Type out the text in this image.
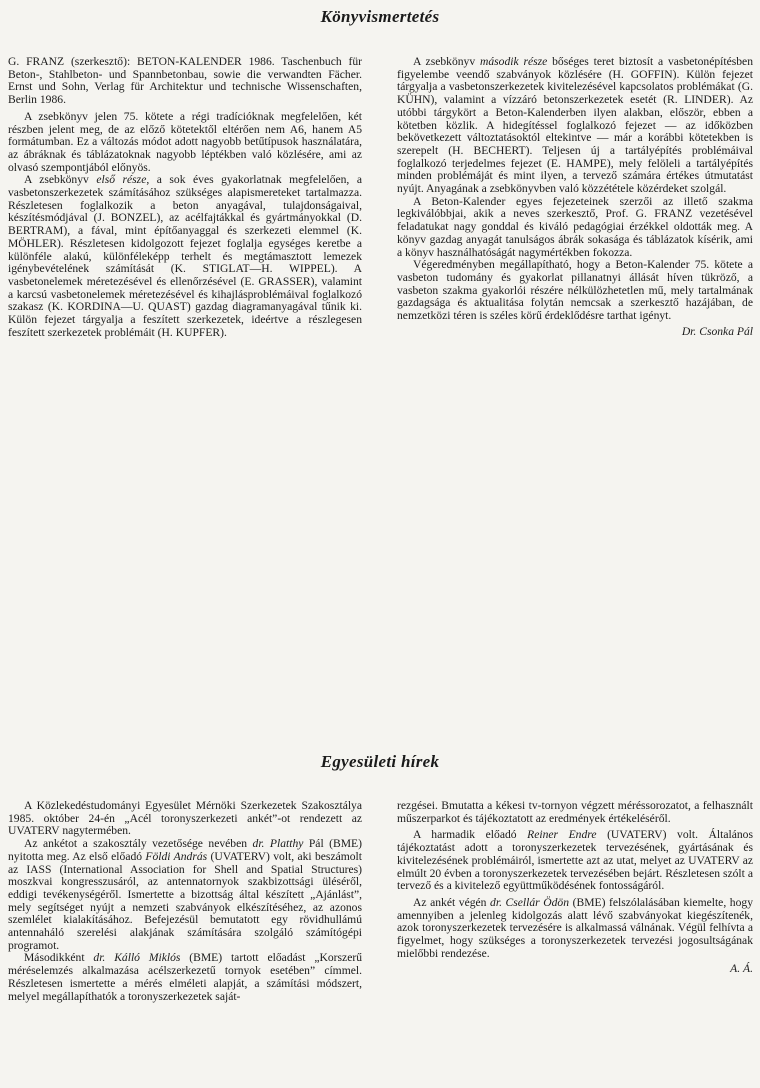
Könyvismertetés

G. FRANZ (szerkesztő): BETON-KALENDER 1986. Taschenbuch für Beton-, Stahlbeton- und Spannbetonbau, sowie die verwandten Fächer. Ernst und Sohn, Verlag für Architektur und technische Wissenschaften, Berlin 1986.

A zsebkönyv jelen 75. kötete a régi tradícióknak megfelelően, két részben jelent meg, de az előző kötetektől eltérően nem A6, hanem A5 formátumban. Ez a változás módot adott nagyobb betűtípusok használatára, az ábráknak és táblázatoknak nagyobb léptékben való közlésére, ami az olvasó szempontjából előnyös.

A zsebkönyv első része, a sok éves gyakorlatnak megfelelően, a vasbetonszerkezetek számításához szükséges alapismereteket tartalmazza. Részletesen foglalkozik a beton anyagával, tulajdonságaival, készítésmódjával (J. BONZEL), az acélfajtákkal és gyártmányokkal (D. BERTRAM), a fával, mint építőanyaggal és szerkezeti elemmel (K. MÖHLER). Részletesen kidolgozott fejezet foglalja egységes keretbe a különféle alakú, különféleképp terhelt és megtámasztott lemezek igénybevételének számítását (K. STIGLAT—H. WIPPEL). A vasbetonelemek méretezésével és ellenőrzésével (E. GRASSER), valamint a karcsú vasbetonelemek méretezésével és kihajlásproblémáival foglalkozó szakasz (K. KORDINA—U. QUAST) gazdag diagramanyagával tűnik ki. Külön fejezet tárgyalja a feszített szerkezetek, ideértve a részlegesen feszített szerkezetek problémáit (H. KUPFER).

A zsebkönyv második része bőséges teret biztosít a vasbetonépítésben figyelembe veendő szabványok közlésére (H. GOFFIN). Külön fejezet tárgyalja a vasbetonszerkezetek kivitelezésével kapcsolatos problémákat (G. KÜHN), valamint a vízzáró betonszerkezetek esetét (R. LINDER). Az utóbbi tárgykört a Beton-Kalenderben ilyen alakban, először, ebben a kötetben közlik. A hidegítéssel foglalkozó fejezet — az időközben bekövetkezett változtatásoktól eltekintve — már a korábbi kötetekben is szerepelt (H. BECHERT). Teljesen új a tartályépítés problémáival foglalkozó terjedelmes fejezet (E. HAMPE), mely felöleli a tartályépítés minden problémáját és mint ilyen, a tervező számára értékes útmutatást nyújt. Anyagának a zsebkönyvben való közzététele közérdeket szolgál.

A Beton-Kalender egyes fejezeteinek szerzői az illető szakma legkiválóbbjai, akik a neves szerkesztő, Prof. G. FRANZ vezetésével feladatukat nagy gonddal és kiváló pedagógiai érzékkel oldották meg. A könyv gazdag anyagát tanulságos ábrák sokasága és táblázatok kísérik, ami a könyv használhatóságát nagymértékben fokozza.

Végeredményben megállapítható, hogy a Beton-Kalender 75. kötete a vasbeton tudomány és gyakorlat pillanatnyi állását híven tükröző, a vasbeton szakma gyakorlói részére nélkülözhetetlen mű, mely tartalmának gazdagsága és aktualitása folytán nemcsak a szerkesztő hazájában, de nemzetközi téren is széles körű érdeklődésre tarthat igényt.

Dr. Csonka Pál
Egyesületi hírek

A Közlekedéstudományi Egyesület Mérnöki Szerkezetek Szakosztálya 1985. október 24-én „Acél toronyszerkezeti ankét”-ot rendezett az UVATERV nagytermében.

Az ankétot a szakosztály vezetősége nevében dr. Platthy Pál (BME) nyitotta meg. Az első előadó Földi András (UVATERV) volt, aki beszámolt az IASS (International Association for Shell and Spatial Structures) moszkvai kongresszusáról, az antennatornyok szakbizottsági üléséről, eddigi tevékenységéről. Ismertette a bizottság által készített „Ajánlást”, mely segítséget nyújt a nemzeti szabványok elkészítéséhez, az azonos szemlélet kialakításához. Befejezésül bemutatott egy rövidhullámú antennaháló szerelési alakjának számítására szolgáló számítógépi programot.

Másodikként dr. Kálló Miklós (BME) tartott előadást „Korszerű méréselemzés alkalmazása acélszerkezetű tornyok esetében” címmel. Részletesen ismertette a mérés elméleti alapját, a számítási módszert, melyel megállapíthatók a toronyszerkezetek saját-

rezgései. Bmutatta a kékesi tv-tornyon végzett méréssorozatot, a felhasznált műszerparkot és tájékoztatott az eredmények értékeléséről.

A harmadik előadó Reiner Endre (UVATERV) volt. Általános tájékoztatást adott a toronyszerkezetek tervezésének, gyártásának és kivitelezésének problémáiról, ismertette azt az utat, melyet az UVATERV az elmúlt 20 évben a toronyszerkezetek tervezésében bejárt. Részletesen szólt a tervező és a kivitelező együttműködésének fontosságáról.

Az ankét végén dr. Csellár Ödön (BME) felszólalásában kiemelte, hogy amennyiben a jelenleg kidolgozás alatt lévő szabványokat kiegészítenék, azok toronyszerkezetek tervezésére is alkalmassá válnának. Végül felhívta a figyelmet, hogy szükséges a toronyszerkezetek tervezési jogosultságának mielőbbi rendezése.

A. Á.
